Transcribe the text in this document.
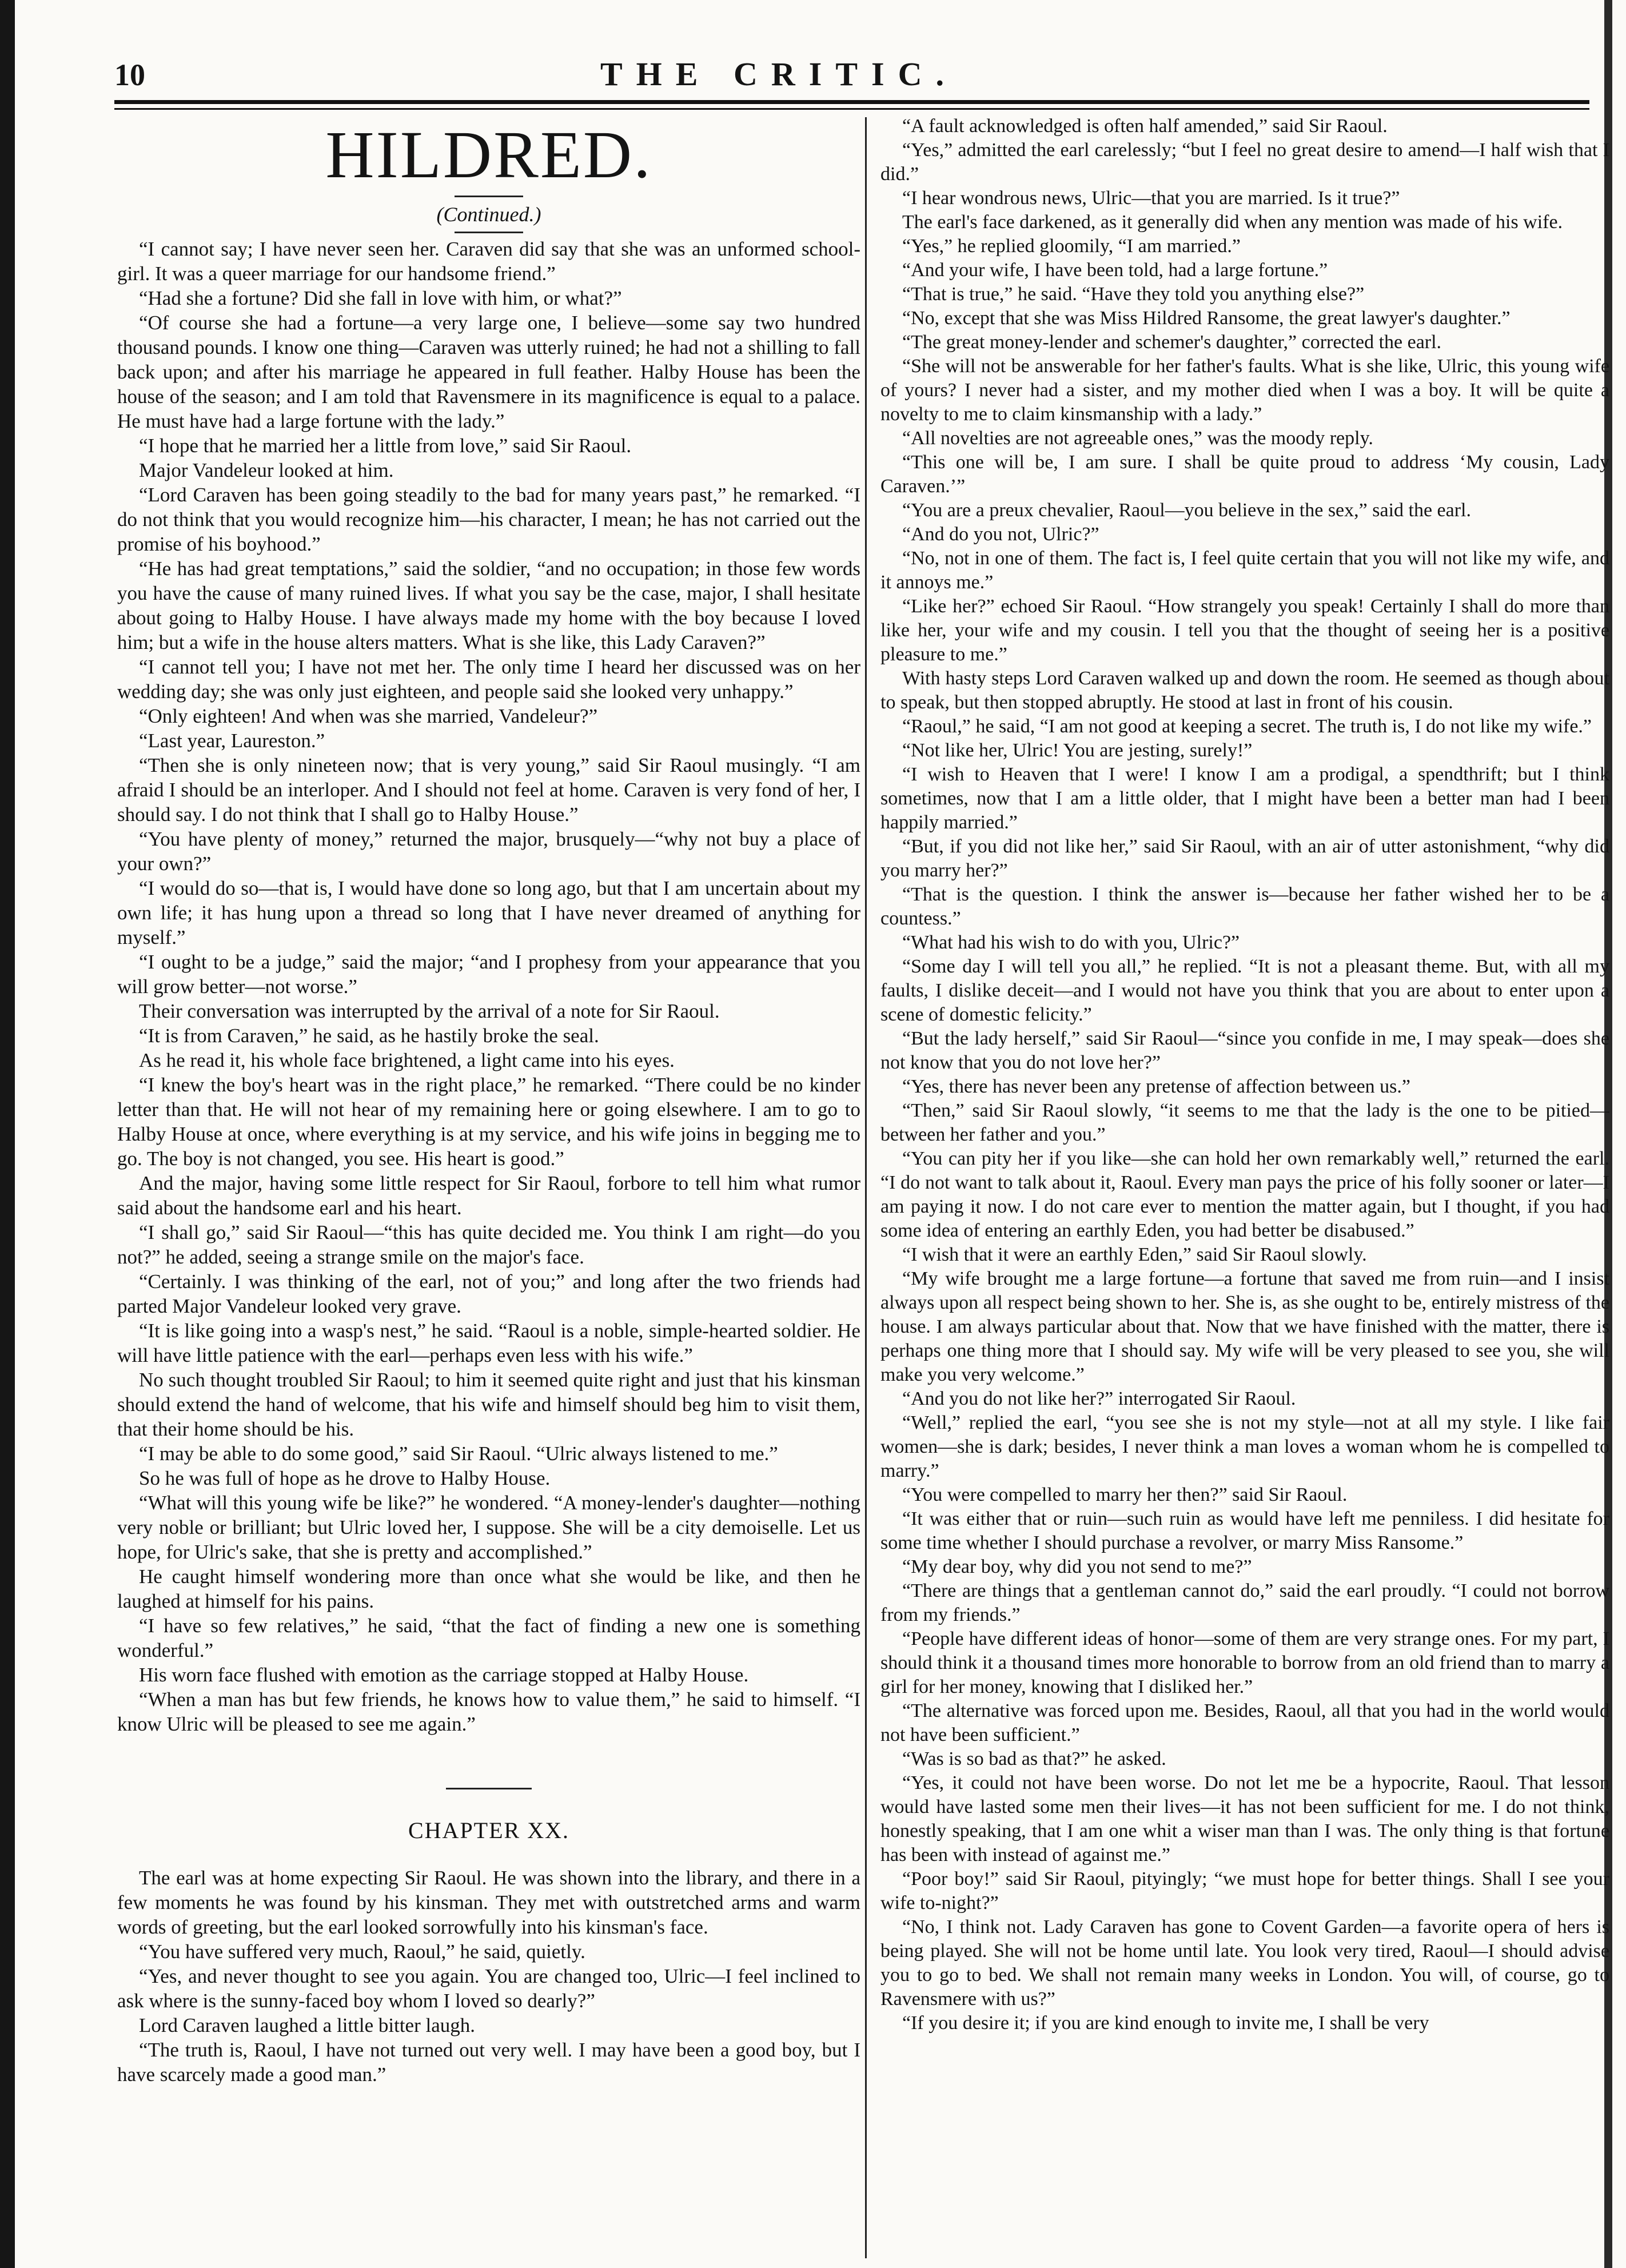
10	THE CRITIC.
HILDRED.
(Continued.)

“I cannot say; I have never seen her. Caraven did say that she was an unformed school-girl. It was a queer marriage for our handsome friend.”

“Had she a fortune? Did she fall in love with him, or what?”

“Of course she had a fortune—a very large one, I believe—some say two hundred thousand pounds. I know one thing—Caraven was utterly ruined; he had not a shilling to fall back upon; and after his marriage he appeared in full feather. Halby House has been the house of the season; and I am told that Ravensmere in its magnificence is equal to a palace. He must have had a large fortune with the lady.”

“I hope that he married her a little from love,” said Sir Raoul.

Major Vandeleur looked at him.

“Lord Caraven has been going steadily to the bad for many years past,” he remarked. “I do not think that you would recognize him—his character, I mean; he has not carried out the promise of his boyhood.”

“He has had great temptations,” said the soldier, “and no occupation; in those few words you have the cause of many ruined lives. If what you say be the case, major, I shall hesitate about going to Halby House. I have always made my home with the boy because I loved him; but a wife in the house alters matters. What is she like, this Lady Caraven?”

“I cannot tell you; I have not met her. The only time I heard her discussed was on her wedding day; she was only just eighteen, and people said she looked very unhappy.”

“Only eighteen! And when was she married, Vandeleur?”

“Last year, Laureston.”

“Then she is only nineteen now; that is very young,” said Sir Raoul musingly. “I am afraid I should be an interloper. And I should not feel at home. Caraven is very fond of her, I should say. I do not think that I shall go to Halby House.”

“You have plenty of money,” returned the major, brusquely—“why not buy a place of your own?”

“I would do so—that is, I would have done so long ago, but that I am uncertain about my own life; it has hung upon a thread so long that I have never dreamed of anything for myself.”

“I ought to be a judge,” said the major; “and I prophesy from your appearance that you will grow better—not worse.”

Their conversation was interrupted by the arrival of a note for Sir Raoul.

“It is from Caraven,” he said, as he hastily broke the seal.

As he read it, his whole face brightened, a light came into his eyes.

“I knew the boy's heart was in the right place,” he remarked. “There could be no kinder letter than that. He will not hear of my remaining here or going elsewhere. I am to go to Halby House at once, where everything is at my service, and his wife joins in begging me to go. The boy is not changed, you see. His heart is good.”

And the major, having some little respect for Sir Raoul, forbore to tell him what rumor said about the handsome earl and his heart.

“I shall go,” said Sir Raoul—“this has quite decided me. You think I am right—do you not?” he added, seeing a strange smile on the major's face.

“Certainly. I was thinking of the earl, not of you;” and long after the two friends had parted Major Vandeleur looked very grave.

“It is like going into a wasp's nest,” he said. “Raoul is a noble, simple-hearted soldier. He will have little patience with the earl—perhaps even less with his wife.”

No such thought troubled Sir Raoul; to him it seemed quite right and just that his kinsman should extend the hand of welcome, that his wife and himself should beg him to visit them, that their home should be his.

“I may be able to do some good,” said Sir Raoul. “Ulric always listened to me.”

So he was full of hope as he drove to Halby House.

“What will this young wife be like?” he wondered. “A money-lender's daughter—nothing very noble or brilliant; but Ulric loved her, I suppose. She will be a city demoiselle. Let us hope, for Ulric's sake, that she is pretty and accomplished.”

He caught himself wondering more than once what she would be like, and then he laughed at himself for his pains.

“I have so few relatives,” he said, “that the fact of finding a new one is something wonderful.”

His worn face flushed with emotion as the carriage stopped at Halby House.

“When a man has but few friends, he knows how to value them,” he said to himself. “I know Ulric will be pleased to see me again.”

CHAPTER XX.

The earl was at home expecting Sir Raoul. He was shown into the library, and there in a few moments he was found by his kinsman. They met with outstretched arms and warm words of greeting, but the earl looked sorrowfully into his kinsman's face.

“You have suffered very much, Raoul,” he said, quietly.

“Yes, and never thought to see you again. You are changed too, Ulric—I feel inclined to ask where is the sunny-faced boy whom I loved so dearly?”

Lord Caraven laughed a little bitter laugh.

“The truth is, Raoul, I have not turned out very well. I may have been a good boy, but I have scarcely made a good man.”

“A fault acknowledged is often half amended,” said Sir Raoul.

“Yes,” admitted the earl carelessly; “but I feel no great desire to amend—I half wish that I did.”

“I hear wondrous news, Ulric—that you are married. Is it true?”

The earl's face darkened, as it generally did when any mention was made of his wife.

“Yes,” he replied gloomily, “I am married.”

“And your wife, I have been told, had a large fortune.”

“That is true,” he said. “Have they told you anything else?”

“No, except that she was Miss Hildred Ransome, the great lawyer's daughter.”

“The great money-lender and schemer's daughter,” corrected the earl.

“She will not be answerable for her father's faults. What is she like, Ulric, this young wife of yours? I never had a sister, and my mother died when I was a boy. It will be quite a novelty to me to claim kinsmanship with a lady.”

“All novelties are not agreeable ones,” was the moody reply.

“This one will be, I am sure. I shall be quite proud to address ‘My cousin, Lady Caraven.’”

“You are a preux chevalier, Raoul—you believe in the sex,” said the earl.

“And do you not, Ulric?”

“No, not in one of them. The fact is, I feel quite certain that you will not like my wife, and it annoys me.”

“Like her?” echoed Sir Raoul. “How strangely you speak! Certainly I shall do more than like her, your wife and my cousin. I tell you that the thought of seeing her is a positive pleasure to me.”

With hasty steps Lord Caraven walked up and down the room. He seemed as though about to speak, but then stopped abruptly. He stood at last in front of his cousin.

“Raoul,” he said, “I am not good at keeping a secret. The truth is, I do not like my wife.”

“Not like her, Ulric! You are jesting, surely!”

“I wish to Heaven that I were! I know I am a prodigal, a spendthrift; but I think sometimes, now that I am a little older, that I might have been a better man had I been happily married.”

“But, if you did not like her,” said Sir Raoul, with an air of utter astonishment, “why did you marry her?”

“That is the question. I think the answer is—because her father wished her to be a countess.”

“What had his wish to do with you, Ulric?”

“Some day I will tell you all,” he replied. “It is not a pleasant theme. But, with all my faults, I dislike deceit—and I would not have you think that you are about to enter upon a scene of domestic felicity.”

“But the lady herself,” said Sir Raoul—“since you confide in me, I may speak—does she not know that you do not love her?”

“Yes, there has never been any pretense of affection between us.”

“Then,” said Sir Raoul slowly, “it seems to me that the lady is the one to be pitied—between her father and you.”

“You can pity her if you like—she can hold her own remarkably well,” returned the earl. “I do not want to talk about it, Raoul. Every man pays the price of his folly sooner or later—I am paying it now. I do not care ever to mention the matter again, but I thought, if you had some idea of entering an earthly Eden, you had better be disabused.”

“I wish that it were an earthly Eden,” said Sir Raoul slowly.

“My wife brought me a large fortune—a fortune that saved me from ruin—and I insist always upon all respect being shown to her. She is, as she ought to be, entirely mistress of the house. I am always particular about that. Now that we have finished with the matter, there is perhaps one thing more that I should say. My wife will be very pleased to see you, she will make you very welcome.”

“And you do not like her?” interrogated Sir Raoul.

“Well,” replied the earl, “you see she is not my style—not at all my style. I like fair women—she is dark; besides, I never think a man loves a woman whom he is compelled to marry.”

“You were compelled to marry her then?” said Sir Raoul.

“It was either that or ruin—such ruin as would have left me penniless. I did hesitate for some time whether I should purchase a revolver, or marry Miss Ransome.”

“My dear boy, why did you not send to me?”

“There are things that a gentleman cannot do,” said the earl proudly. “I could not borrow from my friends.”

“People have different ideas of honor—some of them are very strange ones. For my part, I should think it a thousand times more honorable to borrow from an old friend than to marry a girl for her money, knowing that I disliked her.”

“The alternative was forced upon me. Besides, Raoul, all that you had in the world would not have been sufficient.”

“Was is so bad as that?” he asked.

“Yes, it could not have been worse. Do not let me be a hypocrite, Raoul. That lesson would have lasted some men their lives—it has not been sufficient for me. I do not think, honestly speaking, that I am one whit a wiser man than I was. The only thing is that fortune has been with instead of against me.”

“Poor boy!” said Sir Raoul, pityingly; “we must hope for better things. Shall I see your wife to-night?”

“No, I think not. Lady Caraven has gone to Covent Garden—a favorite opera of hers is being played. She will not be home until late. You look very tired, Raoul—I should advise you to go to bed. We shall not remain many weeks in London. You will, of course, go to Ravensmere with us?”

“If you desire it; if you are kind enough to invite me, I shall be very
